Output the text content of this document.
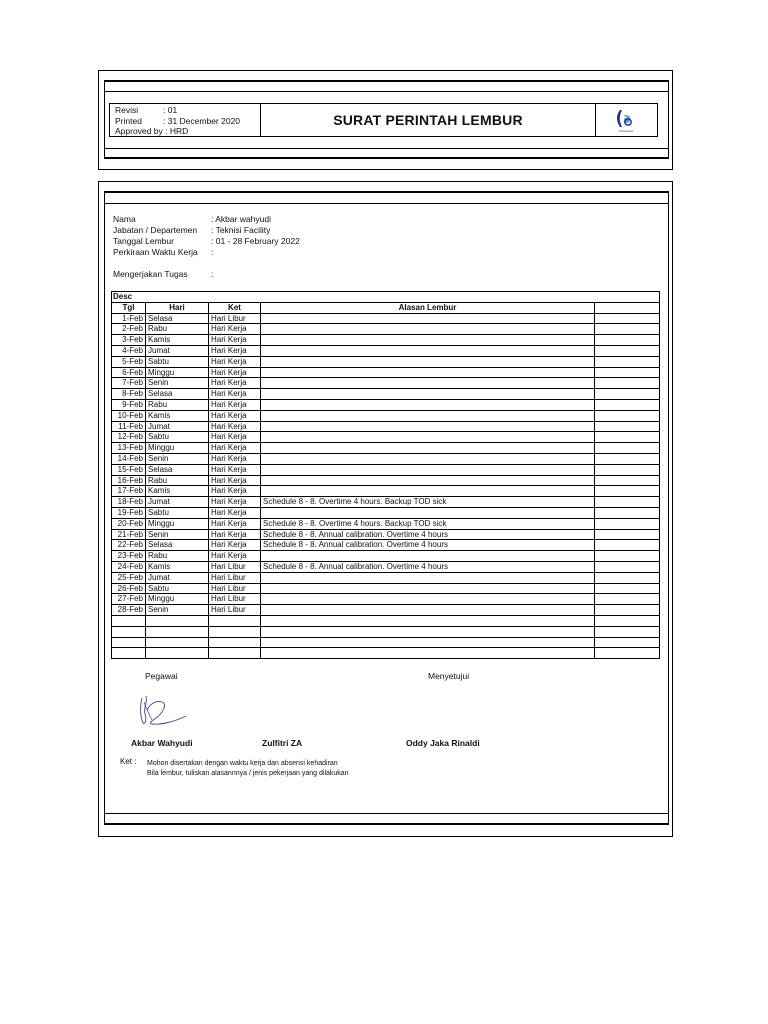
Revisi	: 01
Printed : 31 December 2020
Approved by : HRD
SURAT PERINTAH LEMBUR
Transportasi
Nama	: Akbar wahyudi
Jabatan / Departemen : Teknisi Facility
Tanggal Lembur	: 01 - 28 February 2022
Perkiraan Waktu Kerja :
Mengerjakan Tugas	:
Desc				
Tgl	Hari	Ket	Alasan Lembur	
1-Feb	Selasa	Hari Libur		
2-Feb	Rabu	Hari Kerja		
3-Feb	Kamis	Hari Kerja		
4-Feb	Jumat	Hari Kerja		
5-Feb	Sabtu	Hari Kerja		
6-Feb	Minggu	Hari Kerja		
7-Feb	Senin	Hari Kerja		
8-Feb	Selasa	Hari Kerja		
9-Feb	Rabu	Hari Kerja		
10-Feb	Kamis	Hari Kerja		
11-Feb	Jumat	Hari Kerja		
12-Feb	Sabtu	Hari Kerja		
13-Feb	Minggu	Hari Kerja		
14-Feb	Senin	Hari Kerja		
15-Feb	Selasa	Hari Kerja		
16-Feb	Rabu	Hari Kerja		
17-Feb	Kamis	Hari Kerja		
18-Feb	Jumat	Hari Kerja	Schedule 8 - 8. Overtime 4 hours. Backup TOD sick	
19-Feb	Sabtu	Hari Kerja		
20-Feb	Minggu	Hari Kerja	Schedule 8 - 8. Overtime 4 hours. Backup TOD sick	
21-Feb	Senin	Hari Kerja	Schedule 8 - 8. Annual calibration. Overtime 4 hours	
22-Feb	Selasa	Hari Kerja	Schedule 8 - 8. Annual calibration. Overtime 4 hours	
23-Feb	Rabu	Hari Kerja		
24-Feb	Kamis	Hari Libur	Schedule 8 - 8. Annual calibration. Overtime 4 hours	
25-Feb	Jumat	Hari Libur		
26-Feb	Sabtu	Hari Libur		
27-Feb	Minggu	Hari Libur		
28-Feb	Senin	Hari Libur		

Pegawai	Menyetujui
Akbar Wahyudi	Zulfitri ZA	Oddy Jaka Rinaldi
Ket : Mohon disertakan dengan waktu kerja dan absensi kehadiran
Bila lembur, tuliskan alasannnya / jenis pekerjaan yang dilakukan
